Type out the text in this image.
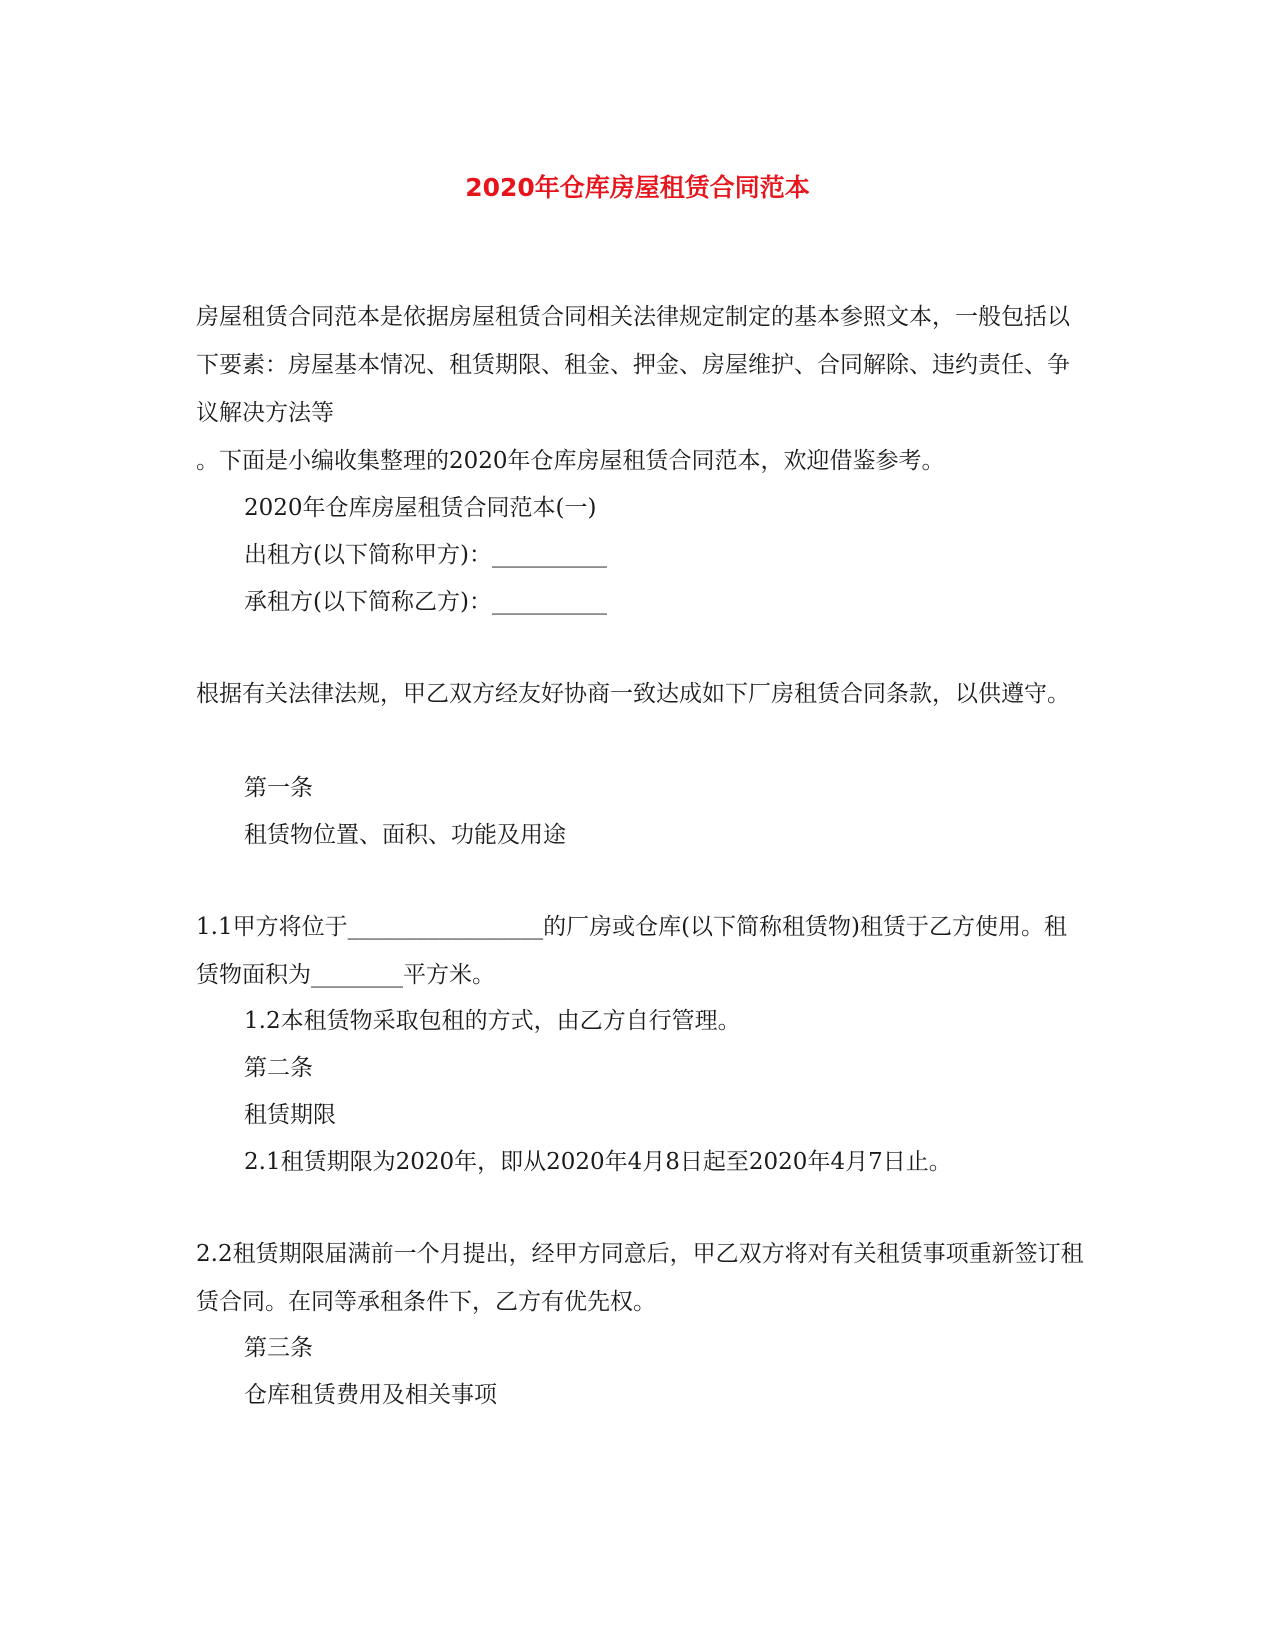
2020年仓库房屋租赁合同范本
房屋租赁合同范本是依据房屋租赁合同相关法律规定制定的基本参照文本，一般包括以下要素：房屋基本情况、租赁期限、租金、押金、房屋维护、合同解除、违约责任、争议解决方法等
。下面是小编收集整理的2020年仓库房屋租赁合同范本，欢迎借鉴参考。
2020年仓库房屋租赁合同范本(一)
出租方(以下简称甲方)：__________
承租方(以下简称乙方)：__________
根据有关法律法规，甲乙双方经友好协商一致达成如下厂房租赁合同条款，以供遵守。
第一条
租赁物位置、面积、功能及用途
1.1甲方将位于_________________的厂房或仓库(以下简称租赁物)租赁于乙方使用。租赁物面积为________平方米。
1.2本租赁物采取包租的方式，由乙方自行管理。
第二条
租赁期限
2.1租赁期限为2020年，即从2020年4月8日起至2020年4月7日止。
2.2租赁期限届满前一个月提出，经甲方同意后，甲乙双方将对有关租赁事项重新签订租赁合同。在同等承租条件下，乙方有优先权。
第三条
仓库租赁费用及相关事项
